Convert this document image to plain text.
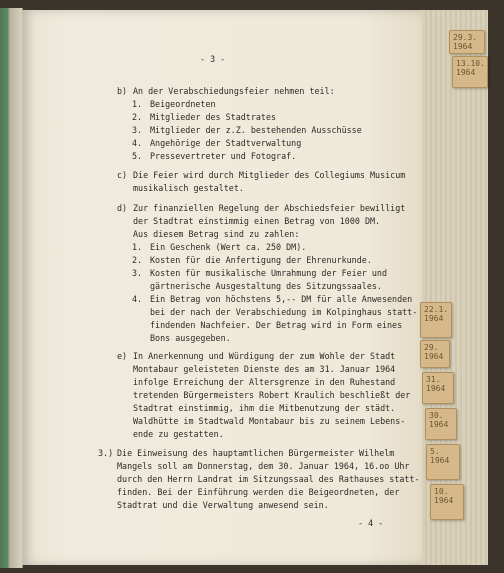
- 3 -

b)

An der Verabschiedungsfeier nehmen teil:

1.

Beigeordneten

2.

Mitglieder des Stadtrates

3.

Mitglieder der z.Z. bestehenden Ausschüsse

4.

Angehörige der Stadtverwaltung

5.

Pressevertreter und Fotograf.

c)

Die Feier wird durch Mitglieder des Collegiums Musicum

musikalisch gestaltet.

d)

Zur finanziellen Regelung der Abschiedsfeier bewilligt

der Stadtrat einstimmig einen Betrag von 1000 DM.

Aus diesem Betrag sind zu zahlen:

1.

Ein Geschenk (Wert ca. 250 DM).

2.

Kosten für die Anfertigung der Ehrenurkunde.

3.

Kosten für musikalische Umrahmung der Feier und

gärtnerische Ausgestaltung des Sitzungssaales.

4.

Ein Betrag von höchstens 5,-- DM für alle Anwesenden

bei der nach der Verabschiedung im Kolpinghaus statt-

findenden Nachfeier. Der Betrag wird in Form eines

Bons ausgegeben.

e)

In Anerkennung und Würdigung der zum Wohle der Stadt

Montabaur geleisteten Dienste des am 31. Januar 1964

infolge Erreichung der Altersgrenze in den Ruhestand

tretenden Bürgermeisters Robert Kraulich beschließt der

Stadtrat einstimmig, ihm die Mitbenutzung der städt.

Waldhütte im Stadtwald Montabaur bis zu seinem Lebens-

ende zu gestatten.

3.)

Die Einweisung des hauptamtlichen Bürgermeister Wilhelm

Mangels soll am Donnerstag, dem 30. Januar 1964, 16.oo Uhr

durch den Herrn Landrat im Sitzungssaal des Rathauses statt-

finden. Bei der Einführung werden die Beigeordneten, der

Stadtrat und die Verwaltung anwesend sein.

- 4 -
29.3.
1964
13.10.
1964
22.1.
1964
29.
1964
31.
1964
30.
1964
5.
1964
10.
1964
